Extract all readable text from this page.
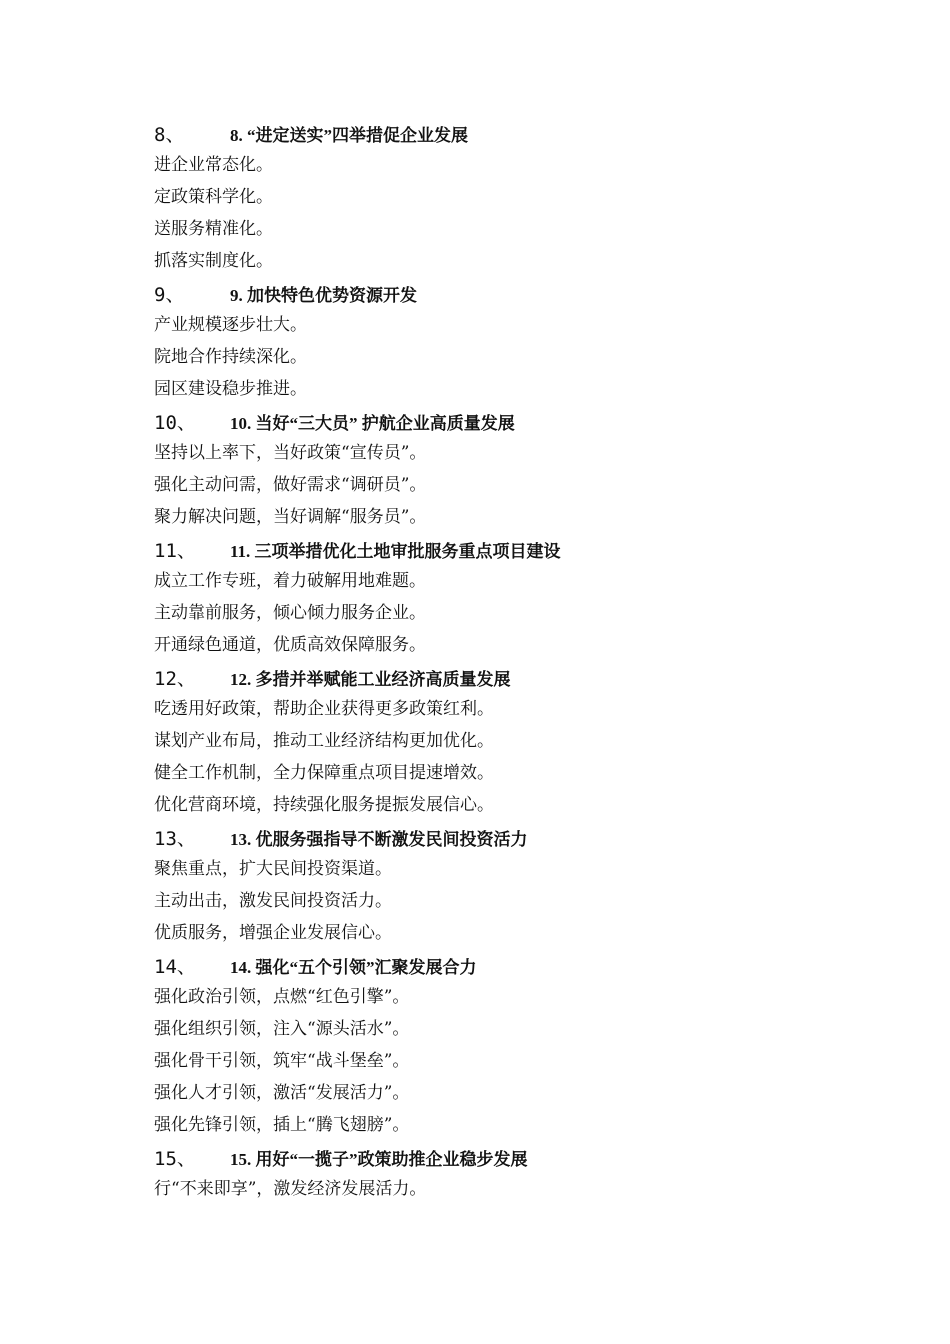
8、	8. “进定送实”四举措促企业发展
进企业常态化。
定政策科学化。
送服务精准化。
抓落实制度化。
9、	9. 加快特色优势资源开发
产业规模逐步壮大。
院地合作持续深化。
园区建设稳步推进。
10、	10. 当好“三大员” 护航企业高质量发展
坚持以上率下，当好政策“宣传员”。
强化主动问需，做好需求“调研员”。
聚力解决问题，当好调解“服务员”。
11、	11. 三项举措优化土地审批服务重点项目建设
成立工作专班，着力破解用地难题。
主动靠前服务，倾心倾力服务企业。
开通绿色通道，优质高效保障服务。
12、	12. 多措并举赋能工业经济高质量发展
吃透用好政策，帮助企业获得更多政策红利。
谋划产业布局，推动工业经济结构更加优化。
健全工作机制，全力保障重点项目提速增效。
优化营商环境，持续强化服务提振发展信心。
13、	13. 优服务强指导不断激发民间投资活力
聚焦重点，扩大民间投资渠道。
主动出击，激发民间投资活力。
优质服务，增强企业发展信心。
14、	14. 强化“五个引领”汇聚发展合力
强化政治引领，点燃“红色引擎”。
强化组织引领，注入“源头活水”。
强化骨干引领，筑牢“战斗堡垒”。
强化人才引领，激活“发展活力”。
强化先锋引领，插上“腾飞翅膀”。
15、	15. 用好“一揽子”政策助推企业稳步发展
行“不来即享”，激发经济发展活力。
